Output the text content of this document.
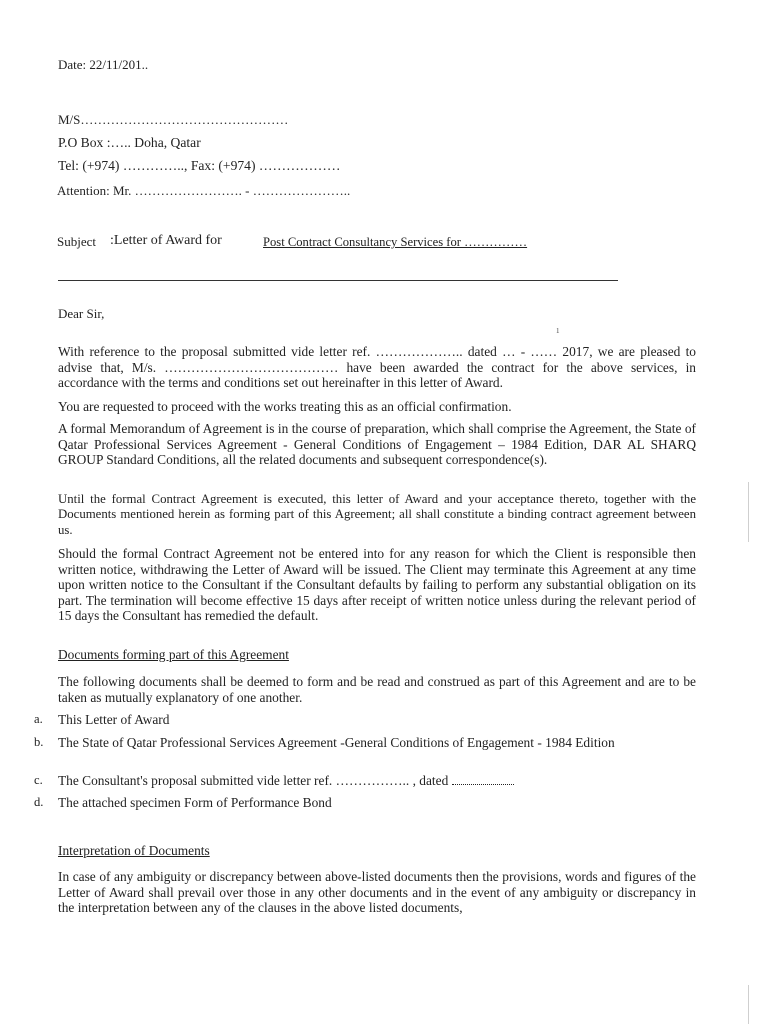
Date: 22/11/201..
M/S…………………………………………
P.O Box :….. Doha, Qatar
Tel: (+974) ………….., Fax: (+974) ………………
Attention: Mr. ……………………. - …………………..
Subject :Letter of Award for	Post Contract Consultancy Services for ……………
Dear Sir,
1
With reference to the proposal submitted vide letter ref. ……………….. dated … - …… 2017, we are pleased to advise that, M/s. ………………………………… have been awarded the contract for the above services, in accordance with the terms and conditions set out hereinafter in this letter of Award.
You are requested to proceed with the works treating this as an official confirmation.
A formal Memorandum of Agreement is in the course of preparation, which shall comprise the Agreement, the State of Qatar Professional Services Agreement - General Conditions of Engagement – 1984 Edition, DAR AL SHARQ GROUP Standard Conditions, all the related documents and subsequent correspondence(s).
Until the formal Contract Agreement is executed, this letter of Award and your acceptance thereto, together with the Documents mentioned herein as forming part of this Agreement; all shall constitute a binding contract agreement between us.
Should the formal Contract Agreement not be entered into for any reason for which the Client is responsible then written notice, withdrawing the Letter of Award will be issued. The Client may terminate this Agreement at any time upon written notice to the Consultant if the Consultant defaults by failing to perform any substantial obligation on its part. The termination will become effective 15 days after receipt of written notice unless during the relevant period of 15 days the Consultant has remedied the default.
Documents forming part of this Agreement
The following documents shall be deemed to form and be read and construed as part of this Agreement and are to be taken as mutually explanatory of one another.
a.	This Letter of Award
b.	The State of Qatar Professional Services Agreement -General Conditions of Engagement - 1984 Edition
c.	The Consultant's proposal submitted vide letter ref. …………….. , dated
d.	The attached specimen Form of Performance Bond
Interpretation of Documents
In case of any ambiguity or discrepancy between above-listed documents then the provisions, words and figures of the Letter of Award shall prevail over those in any other documents and in the event of any ambiguity or discrepancy in the interpretation between any of the clauses in the above listed documents,
